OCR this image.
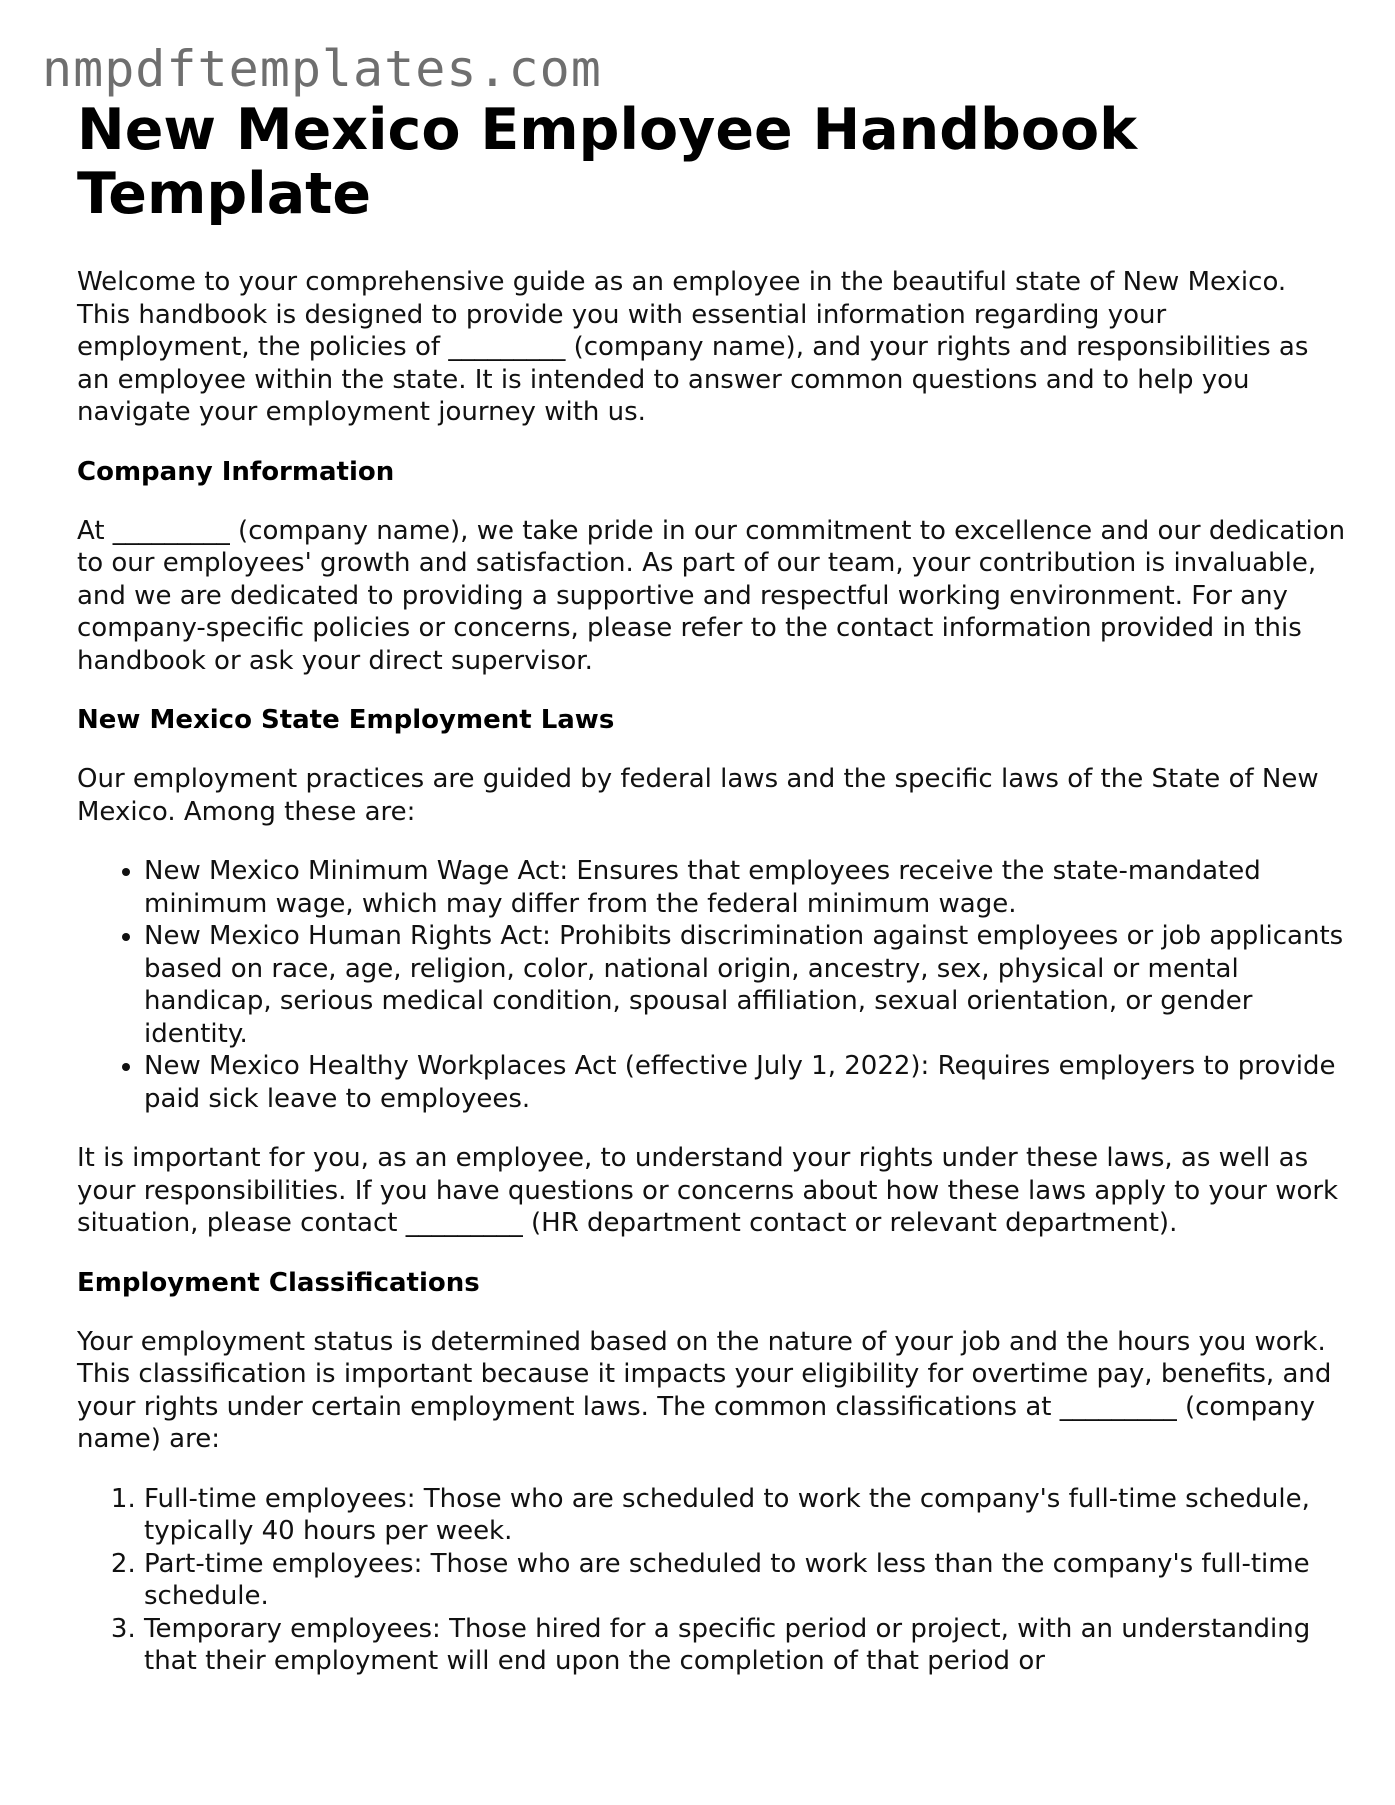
nmpdftemplates.com
New Mexico Employee Handbook Template

Welcome to your comprehensive guide as an employee in the beautiful state of New Mexico. This handbook is designed to provide you with essential information regarding your employment, the policies of _________ (company name), and your rights and responsibilities as an employee within the state. It is intended to answer common questions and to help you navigate your employment journey with us.

Company Information

At _________ (company name), we take pride in our commitment to excellence and our dedication to our employees' growth and satisfaction. As part of our team, your contribution is invaluable, and we are dedicated to providing a supportive and respectful working environment. For any company-specific policies or concerns, please refer to the contact information provided in this handbook or ask your direct supervisor.

New Mexico State Employment Laws

Our employment practices are guided by federal laws and the specific laws of the State of New Mexico. Among these are:

• New Mexico Minimum Wage Act: Ensures that employees receive the state-mandated minimum wage, which may differ from the federal minimum wage.
• New Mexico Human Rights Act: Prohibits discrimination against employees or job applicants based on race, age, religion, color, national origin, ancestry, sex, physical or mental handicap, serious medical condition, spousal affiliation, sexual orientation, or gender identity.
• New Mexico Healthy Workplaces Act (effective July 1, 2022): Requires employers to provide paid sick leave to employees.

It is important for you, as an employee, to understand your rights under these laws, as well as your responsibilities. If you have questions or concerns about how these laws apply to your work situation, please contact _________ (HR department contact or relevant department).

Employment Classifications

Your employment status is determined based on the nature of your job and the hours you work. This classification is important because it impacts your eligibility for overtime pay, benefits, and your rights under certain employment laws. The common classifications at _________ (company name) are:

1. Full-time employees: Those who are scheduled to work the company's full-time schedule, typically 40 hours per week.
2. Part-time employees: Those who are scheduled to work less than the company's full-time schedule.
3. Temporary employees: Those hired for a specific period or project, with an understanding that their employment will end upon the completion of that period or
